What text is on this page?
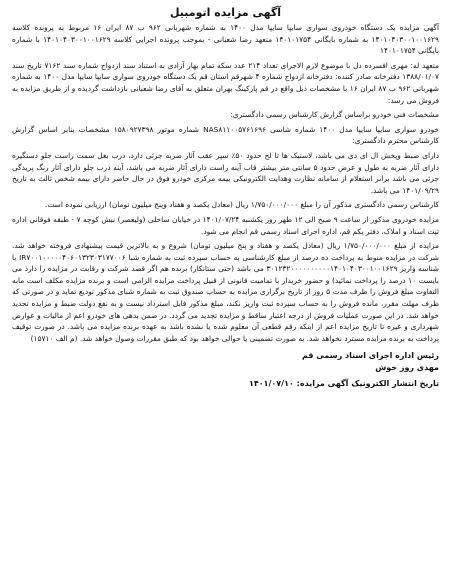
آگهی مزایده اتومبیل
آگهی مزایده یک دستگاه خودروی سواری سایپا سایپا مدل ۱۴۰۰ به شماره شهربانی ۹۶۲ ب ۸۷ ایران ۱۶ مربوط به پرونده کلاسه ۱۴۰۱۰۴۰۳۰۰۱۰۰۱۶۲۹ به شماره بایگانی ۱۴۰۱۰۱۷۵۴ متعهد رضا شعبانی - بموجب پرونده اجرایی کلاسه ۱۴۰۱۰۴۰۳۰۰۱۰۰۱۶۲۹ با شماره بایگانی ۱۴۰۱۰۱۷۵۴
متعهد له: مهری افسرده دل با موضوع لازم الاجرای تعداد ۲۱۴ عدد سکه تمام بهار آزادی به استناد سند ازدواج شماره سند ۷۱۶۲ تاریخ سند ۱۳۸۸/۰۱/۰۷ دفترخانه صادر کننده: دفترخانه ازدواج شماره ۴ شهرقم استان قم یک دستگاه خودروی سواری سایپا سایپا مدل ۱۴۰۰ به شماره شهربانی ۹۶۲ ب ۸۷ ایران ۱۶ با مشخصات ذیل واقع در قم پارکینگ بهران متعلق به آقای رضا شعبانی بازداشت گردیده و از طریق مزایده به فروش می رسد:
مشخصات فنی خودرو براساس گزارش کارشناس رسمی دادگستری:
خودرو سواری سایپا سایپا مدل ۱۴۰۰ شماره شاسی NAS۸۱۱۰۰۵۷۶۱۶۹۶ شماره موتور ۱۵۸۰۹۲۷۳۹۸ مشخصات بنابر اساس گزارش کارشناس محترم دادگستری:
دارای ضبط وپخش ال ای دی می باشد، لاستیک ها تا لح حدود ۵۰٪ سپر عقب آثار ضربه جزئی دارد، درب بغل سمت راست جلو دستگیره دارای آثار ضربه به طول و عرض حدود ۵ سانتی متر بیشتر قاب آینه راست دارای آثار ضربه می باشد، آینه درب جلو دارای آثار رنگ پریدگی جزئی می باشد برابر استعلام از سامانه نظارت وهدایت الکترونیکی بیمه مرکزی خودرو فوق در حال حاضر دارای بیمه شخص ثالث به تاریخ ۱۴۰۱/۰۹/۲۹ می باشد.
کارشناس رسمی دادگستری مذکور آن را مبلغ ۱/۷۵۰/۰۰۰/۰۰۰ ریال (معادل یکصد و هفتاد وپنج میلیون تومان) ارزیابی نموده است.
مزایده خودروی مذکور از ساعت ۹ صبح الی ۱۲ ظهر روز یکشنبه ۱۴۰۱/۰۷/۲۴ در خیابان ساحلی (ولیعصر) نبش کوچه ۷ - طبقه فوقانی اداره ثبت اسناد و املاک، دفتر یکم قم، اداره اجرای اسناد رسمی قم انجام می شود.
مزایده از مبلغ ۱/۷۵۰/۰۰۰/۰۰۰ ریال (معادل یکصد و هفتاد و پنج میلیون تومان) شروع و به بالاترین قیمت پیشنهادی فروخته خواهد شد. شرکت در مزایده منوط به پرداخت ده درصد از مبلغ کارشناسی به حساب سپرده ثبت به شماره شبا IR۷۰۰۱۰۰۰۰۰۴۰۶۰۱۳۲۳۰۳۱۷۷۰۰۶ با شناسه واریز ۳۰۱۲۳۲۰۰۰۰۰۰۰۰۰۰۱۴۰۱۰۴۰۳۰۰۱۰۰۱۶۲۹ می باشد (حتی ستانکار) برنده هم اگر قصد شرکت و رقابت در مزایده را دارد می بایست ۱۰ درصد را پرداخت نمائید) و حضور خریدار با تمامیت قانونی از قبیل پرداخت مزایده الزامی است و برنده مزایده مکلف است مابه التفاوت مبلغ فروش را ظرف مدت ۵ روز از تاریخ برگزاری مزایده به حساب صندوق ثبت به شماره شبای مذکور تودیع نماید و در صورتی که ظرف مهلت مقرر، مانده فروش را به حساب سپرده ثبت واریز نکند، مبلغ مذکور قابل استرداد نیست و به نفع دولت ضبط و مزایده تجدید خواهد شد. در این صورت عملیات فروش از درجه اعتبار ساقط و مزایده تجدید می گردد. در ضمن بدهی های خودرو اعم از مالیات و عوارض شهرداری و غیره تا تاریخ مزایده اعم از اینکه رقم قطعی آن معلوم شده یا نشده باشد به عهده برنده مزایده می باشد. در صورت توقیف پرداخت به برنده مزایده مسترد نخواهد شد. به صورت تضمینی یا حوالی خواهد بود که طبق مقررات وصول خواهد شد. (م الف ۱۵۷۱۰)
رئیس اداره اجرای اسناد رسمی قم
مهدی روز خوش
تاریخ انتشار الکترونیک آگهی مزایده: ۱۴۰۱/۰۷/۱۰
